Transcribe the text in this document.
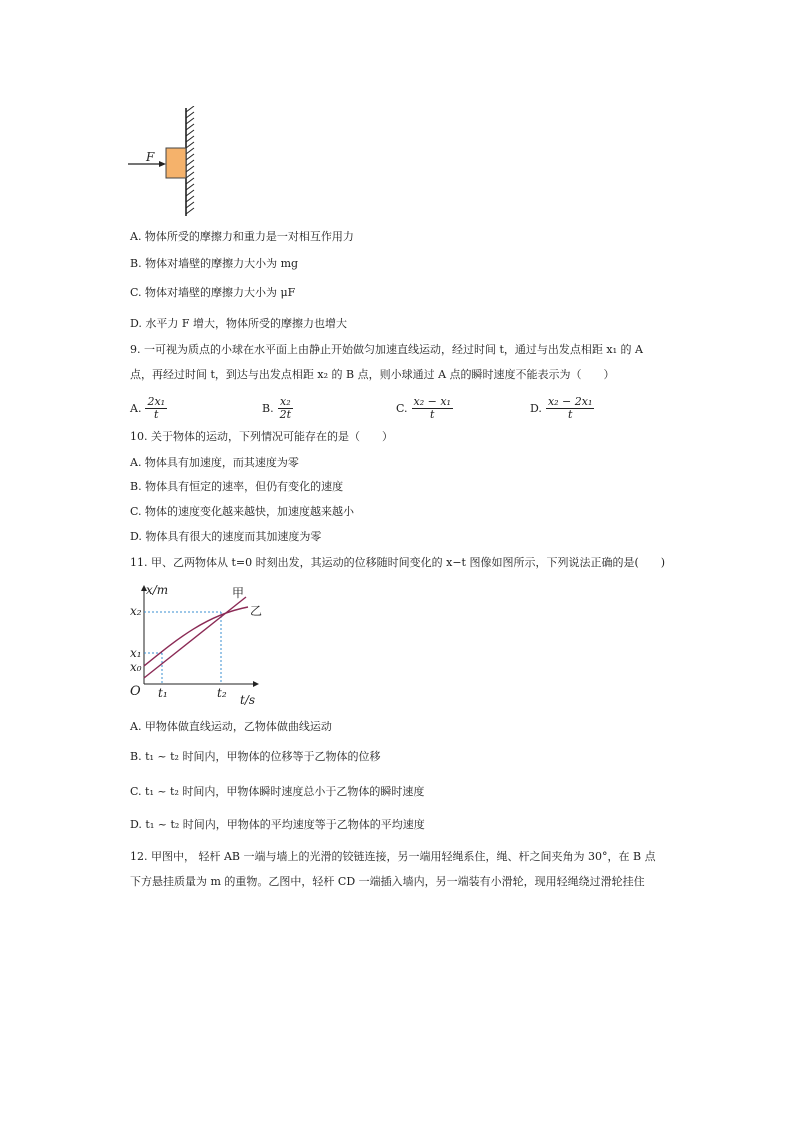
F
A. 物体所受的摩擦力和重力是一对相互作用力
B. 物体对墙壁的摩擦力大小为 mg
C. 物体对墙壁的摩擦力大小为 μF
D. 水平力 F 增大，物体所受的摩擦力也增大
9. 一可视为质点的小球在水平面上由静止开始做匀加速直线运动，经过时间 t，通过与出发点相距 x₁ 的 A
点，再经过时间 t，到达与出发点相距 x₂ 的 B 点，则小球通过 A 点的瞬时速度不能表示为（　　）
A. $\frac{\text{2x₁}}{t}$	B. $\frac{\text{x₂}}{2t}$	C. $\frac{\text{x₂ − x₁}}{t}$	D. $\frac{\text{x₂ − 2x₁}}{t}$
10. 关于物体的运动，下列情况可能存在的是（　　）
A. 物体具有加速度，而其速度为零
B. 物体具有恒定的速率，但仍有变化的速度
C. 物体的速度变化越来越快，加速度越来越小
D. 物体具有很大的速度而其加速度为零
11. 甲、乙两物体从 t=0 时刻出发，其运动的位移随时间变化的 x−t 图像如图所示，下列说法正确的是(　　)
x/m	甲
乙
x₂
x₁
x₀
O t₁	t₂ t/s
A. 甲物体做直线运动，乙物体做曲线运动
B. t₁ ~ t₂ 时间内，甲物体的位移等于乙物体的位移
C. t₁ ~ t₂ 时间内，甲物体瞬时速度总小于乙物体的瞬时速度
D. t₁ ~ t₂ 时间内，甲物体的平均速度等于乙物体的平均速度
12. 甲图中， 轻杆 AB 一端与墙上的光滑的铰链连接，另一端用轻绳系住，绳、杆之间夹角为 30°，在 B 点
下方悬挂质量为 m 的重物。乙图中，轻杆 CD 一端插入墙内，另一端装有小滑轮，现用轻绳绕过滑轮挂住
